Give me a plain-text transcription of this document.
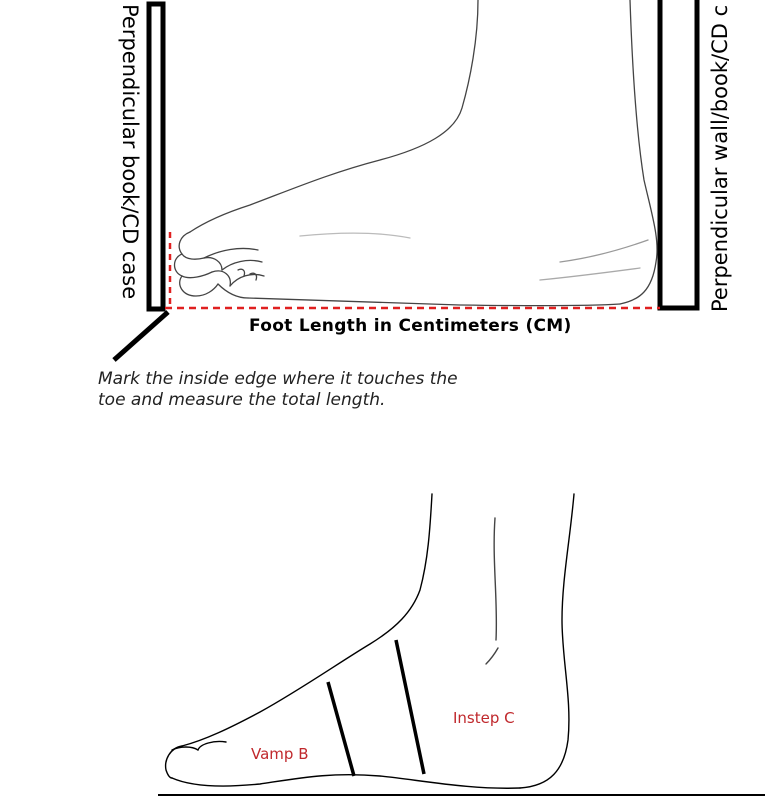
Perpendicular book/CD case	Perpendicular wall/book/CD c
Foot Length in Centimeters (CM)
Mark the inside edge where it touches the
toe and measure the total length.
Vamp B
Instep C
